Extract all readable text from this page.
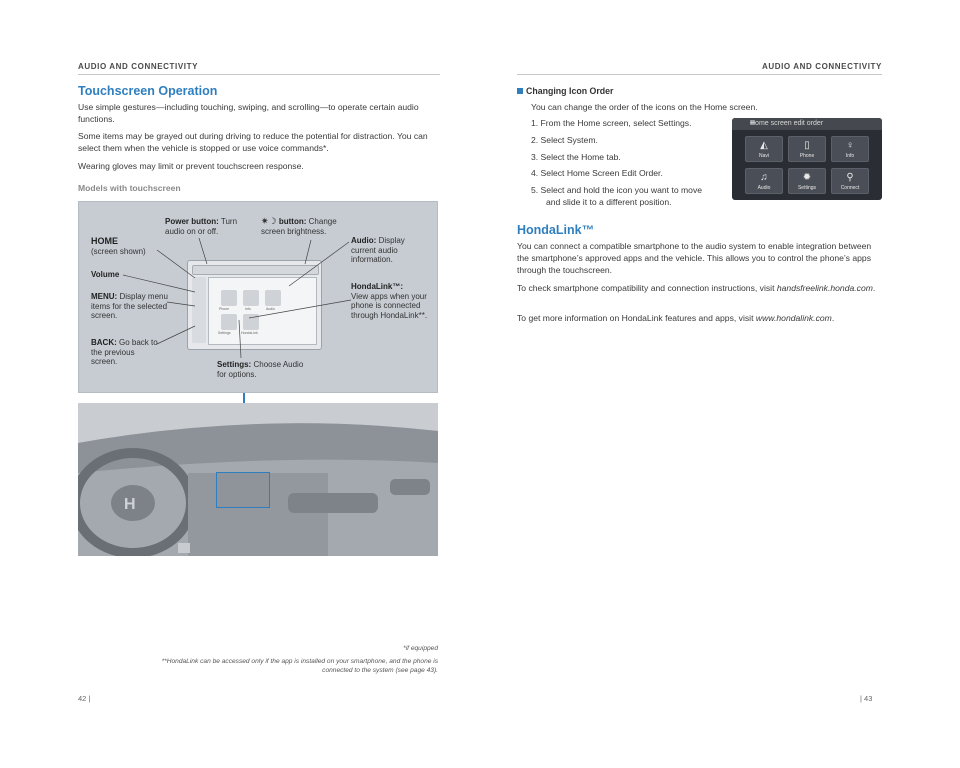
AUDIO AND CONNECTIVITY
Touchscreen Operation

Use simple gestures—including touching, swiping, and scrolling—to operate certain audio functions.

Some items may be grayed out during driving to reduce the potential for distraction. You can select them when the vehicle is stopped or use voice commands*.

Wearing gloves may limit or prevent touchscreen response.

Models with touchscreen
Phone	Info	Audio
Settings	HondaLink
HOME
(screen shown)
Volume
MENU: Display menu items for the selected screen.
BACK: Go back to the previous screen.
Power button: Turn audio on or off.
✷☽ button: Change screen brightness.
Audio: Display current audio information.
HondaLink™:
View apps when your phone is connected through HondaLink**.
Settings: Choose Audio for options.
H
*if equipped
**HondaLink can be accessed only if the app is installed on your smartphone, and the phone is connected to the system (see page 43).
42 |
AUDIO AND CONNECTIVITY
Changing Icon Order

You can change the order of the icons on the Home screen.

1. From the Home screen, select Settings.
2. Select System.
3. Select the Home tab.
4. Select Home Screen Edit Order.
5. Select and hold the icon you want to move
and slide it to a different position.
Home screen edit order
◭
Navi
▯
Phone
♀
Info
♫
Audio
✹
Settings
⚲
Connect
HondaLink™

You can connect a compatible smartphone to the audio system to enable integration between the smartphone’s approved apps and the vehicle. This allows you to control the phone’s apps through the touchscreen.

To check smartphone compatibility and connection instructions, visit handsfreelink.honda.com.

To get more information on HondaLink features and apps, visit www.hondalink.com.

| 43
